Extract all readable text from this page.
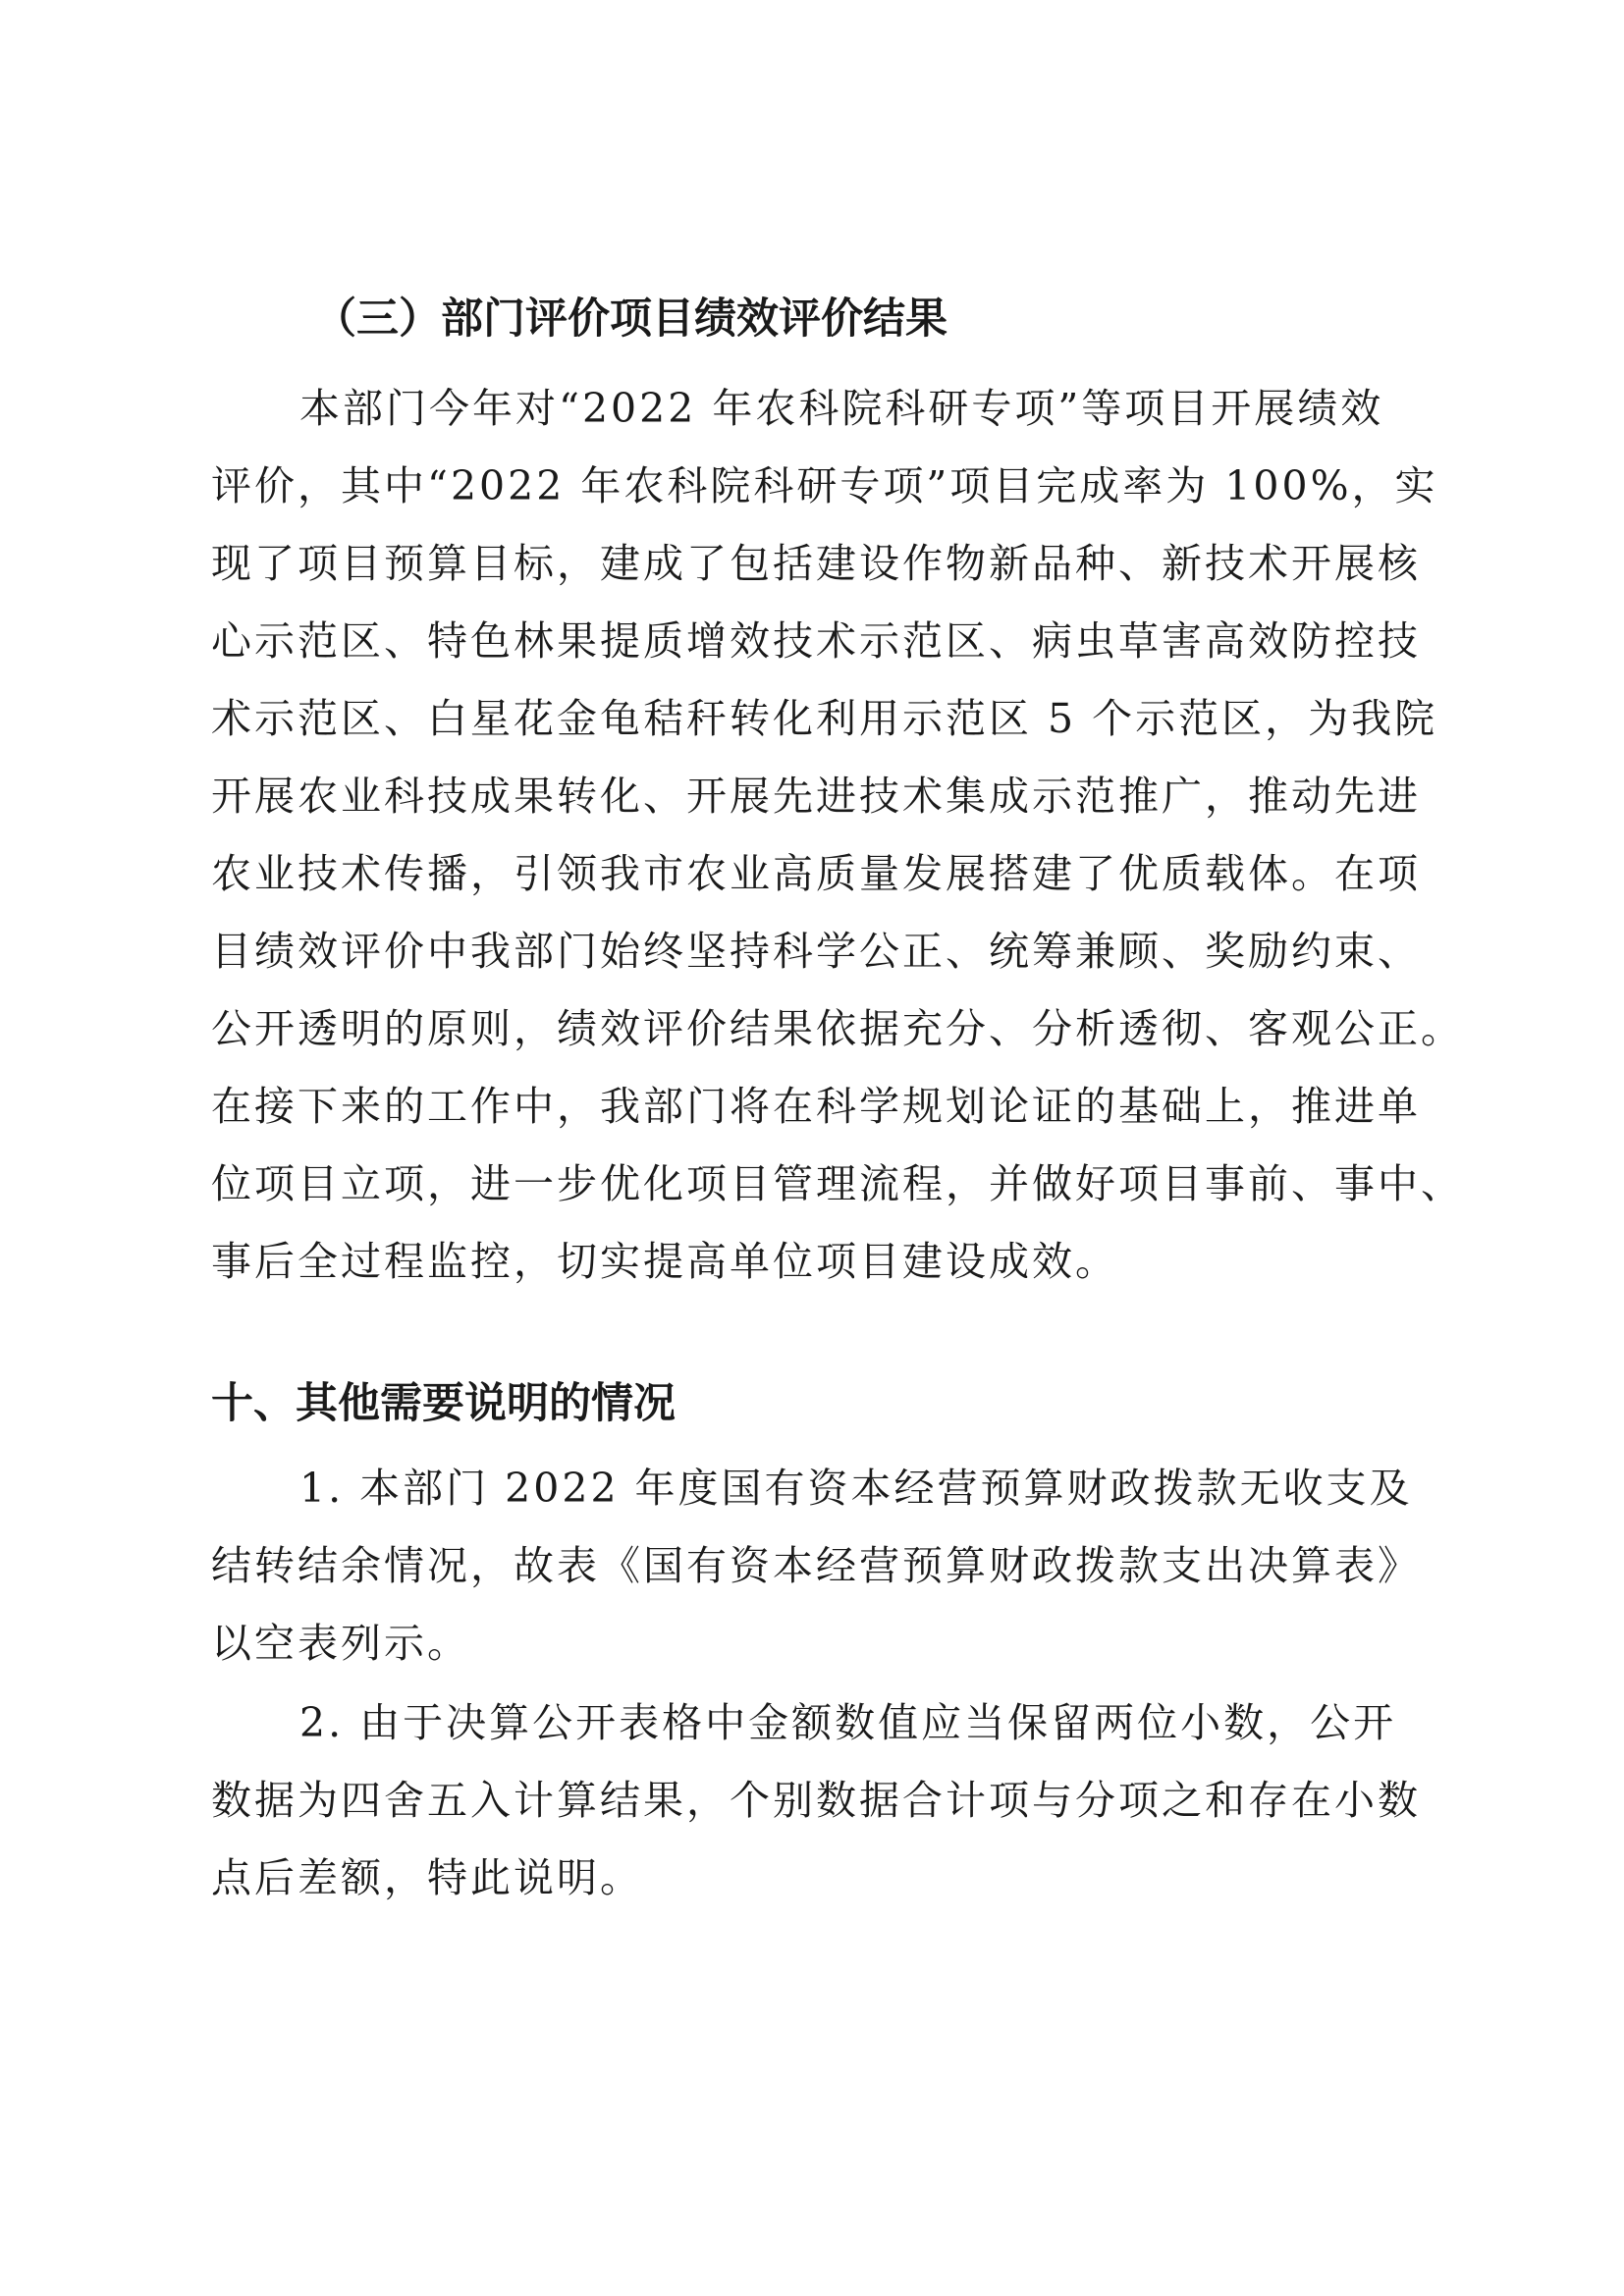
（三）部门评价项目绩效评价结果

本部门今年对“2022 年农科院科研专项”等项目开展绩效
评价，其中“2022 年农科院科研专项”项目完成率为 100%，实
现了项目预算目标，建成了包括建设作物新品种、新技术开展核
心示范区、特色林果提质增效技术示范区、病虫草害高效防控技
术示范区、白星花金龟秸秆转化利用示范区 5 个示范区，为我院
开展农业科技成果转化、开展先进技术集成示范推广，推动先进
农业技术传播，引领我市农业高质量发展搭建了优质载体。在项
目绩效评价中我部门始终坚持科学公正、统筹兼顾、奖励约束、
公开透明的原则，绩效评价结果依据充分、分析透彻、客观公正。
在接下来的工作中，我部门将在科学规划论证的基础上，推进单
位项目立项，进一步优化项目管理流程，并做好项目事前、事中、
事后全过程监控，切实提高单位项目建设成效。

十、其他需要说明的情况

1. 本部门 2022 年度国有资本经营预算财政拨款无收支及
结转结余情况，故表《国有资本经营预算财政拨款支出决算表》
以空表列示。

2. 由于决算公开表格中金额数值应当保留两位小数，公开
数据为四舍五入计算结果，个别数据合计项与分项之和存在小数
点后差额，特此说明。
